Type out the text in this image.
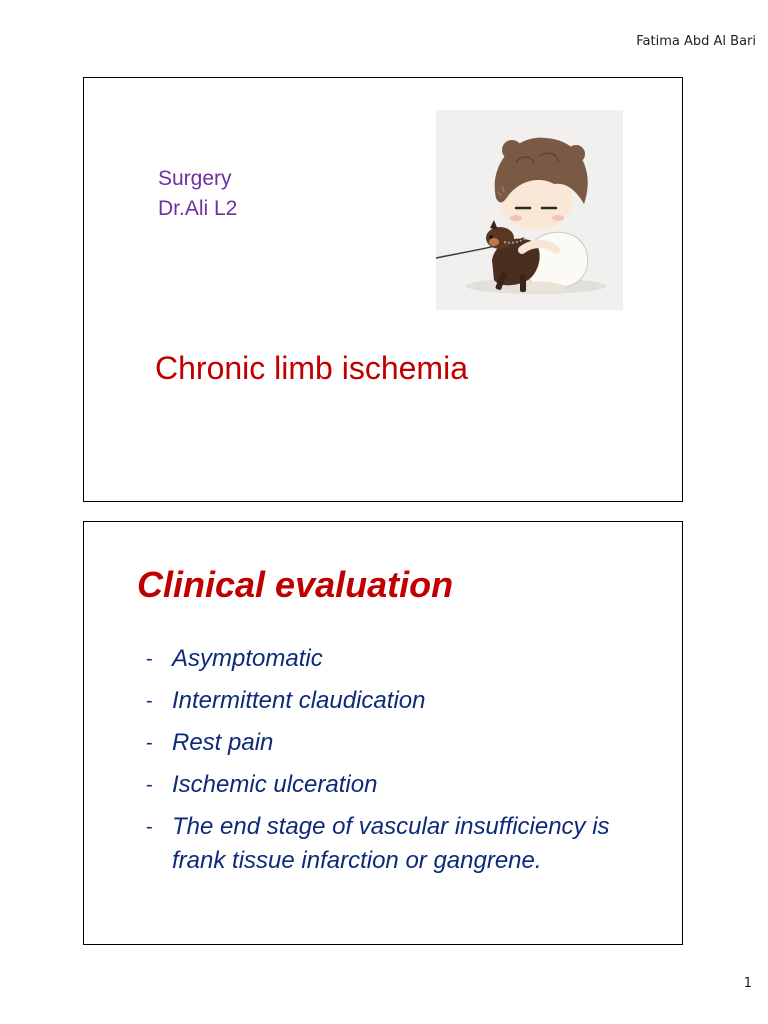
Fatima Abd Al Bari
Surgery
Dr.Ali L2
Chronic limb ischemia
Clinical evaluation
- Asymptomatic
- Intermittent claudication
- Rest pain
- Ischemic ulceration
- The end stage of vascular insufficiency is frank tissue infarction or gangrene.
1
